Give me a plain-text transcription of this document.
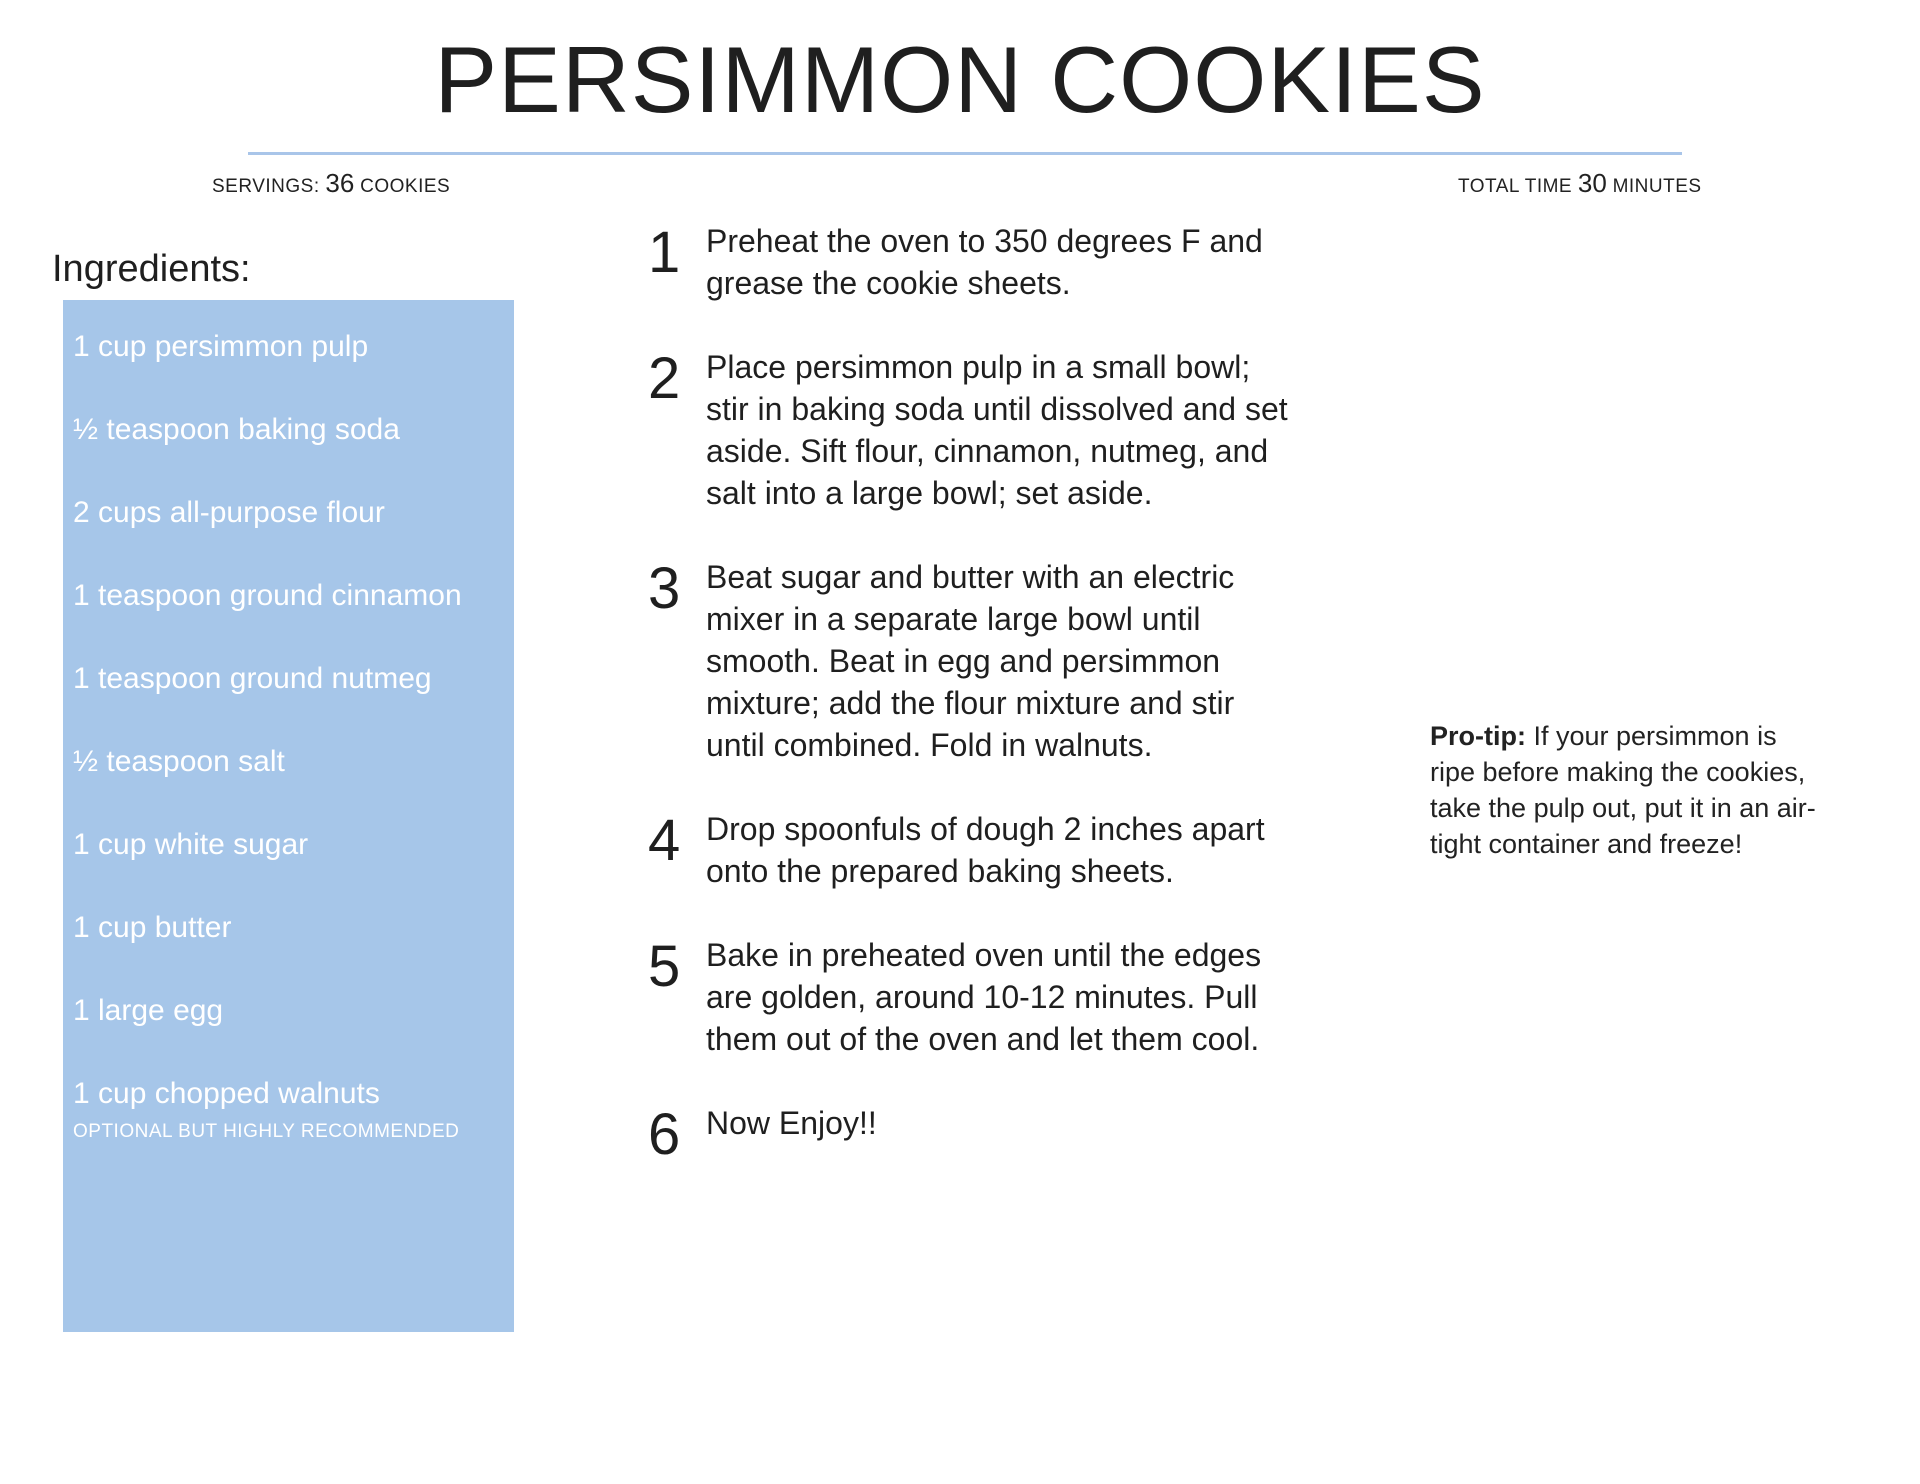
PERSIMMON COOKIES
SERVINGS: 36 COOKIES	TOTAL TIME 30 MINUTES
Ingredients:
1 cup persimmon pulp
½ teaspoon baking soda
2 cups all-purpose flour
1 teaspoon ground cinnamon
1 teaspoon ground nutmeg
½ teaspoon salt
1 cup white sugar
1 cup butter
1 large egg
1 cup chopped walnuts
OPTIONAL BUT HIGHLY RECOMMENDED
1 Preheat the oven to 350 degrees F and grease the cookie sheets.
2 Place persimmon pulp in a small bowl; stir in baking soda until dissolved and set aside. Sift flour, cinnamon, nutmeg, and salt into a large bowl; set aside.
3 Beat sugar and butter with an electric mixer in a separate large bowl until smooth. Beat in egg and persimmon mixture; add the flour mixture and stir until combined. Fold in walnuts.
4 Drop spoonfuls of dough 2 inches apart onto the prepared baking sheets.
5 Bake in preheated oven until the edges are golden, around 10-12 minutes. Pull them out of the oven and let them cool.
6 Now Enjoy!!
Pro-tip: If your persimmon is ripe before making the cookies, take the pulp out, put it in an air-tight container and freeze!
